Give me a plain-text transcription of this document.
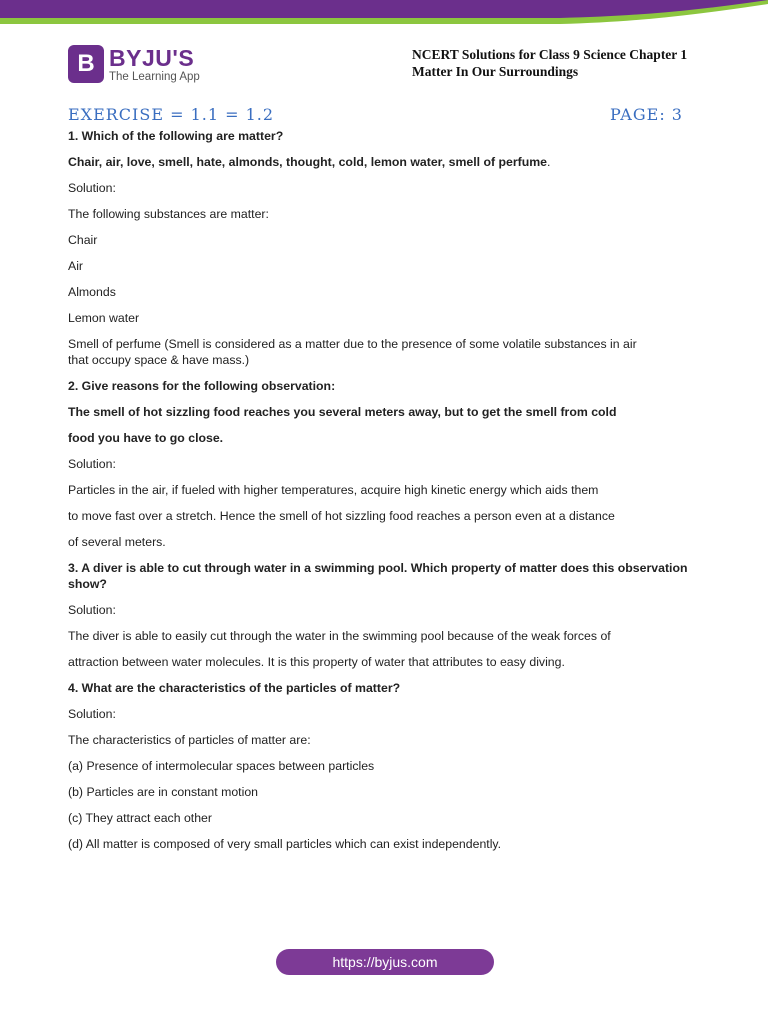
B BYJU'S
The Learning App
NCERT Solutions for Class 9 Science Chapter 1
Matter In Our Surroundings
EXERCISE = 1.1 = 1.2	PAGE: 3
1. Which of the following are matter?
Chair, air, love, smell, hate, almonds, thought, cold, lemon water, smell of perfume.
Solution:
The following substances are matter:
Chair
Air
Almonds
Lemon water
Smell of perfume (Smell is considered as a matter due to the presence of some volatile substances in air
that occupy space & have mass.)
2. Give reasons for the following observation:
The smell of hot sizzling food reaches you several meters away, but to get the smell from cold
food you have to go close.
Solution:
Particles in the air, if fueled with higher temperatures, acquire high kinetic energy which aids them
to move fast over a stretch. Hence the smell of hot sizzling food reaches a person even at a distance
of several meters.
3. A diver is able to cut through water in a swimming pool. Which property of matter does this observation
show?
Solution:
The diver is able to easily cut through the water in the swimming pool because of the weak forces of
attraction between water molecules. It is this property of water that attributes to easy diving.
4. What are the characteristics of the particles of matter?
Solution:
The characteristics of particles of matter are:
(a) Presence of intermolecular spaces between particles
(b) Particles are in constant motion
(c) They attract each other
(d) All matter is composed of very small particles which can exist independently.
https://byjus.com
